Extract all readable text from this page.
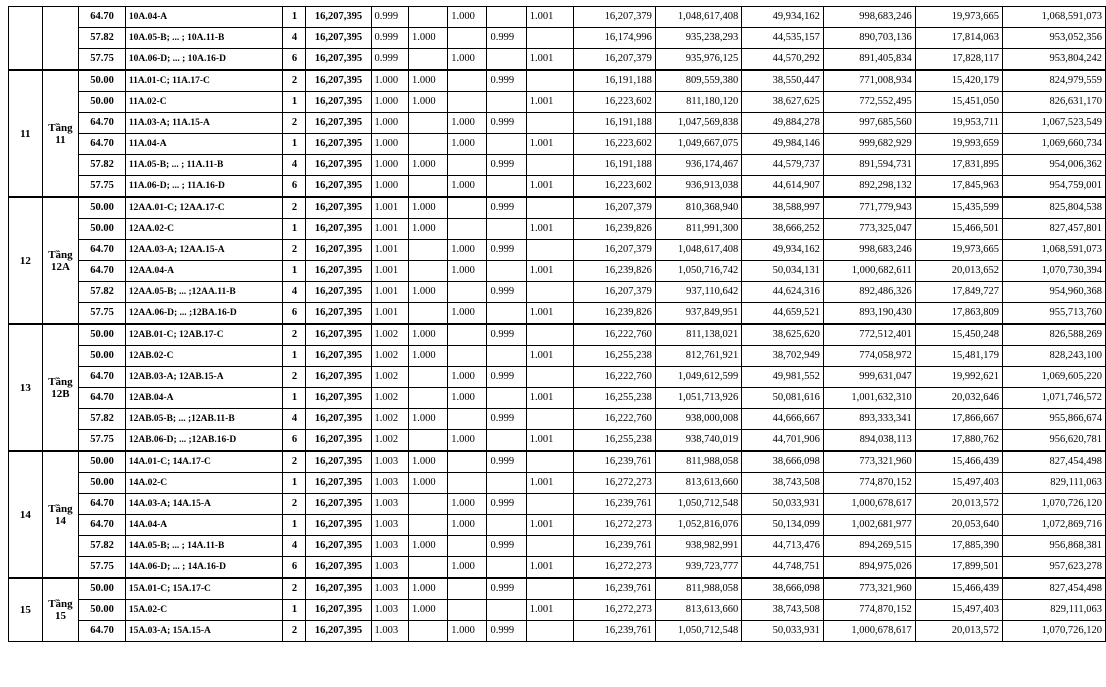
		64.70	10A.04-A	1	16,207,395	0.999		1.000		1.001	16,207,379	1,048,617,408	49,934,162	998,683,246	19,973,665	1,068,591,073
		57.82	10A.05-B; ... ; 10A.11-B	4	16,207,395	0.999	1.000		0.999		16,174,996	935,238,293	44,535,157	890,703,136	17,814,063	953,052,356
		57.75	10A.06-D; ... ; 10A.16-D	6	16,207,395	0.999		1.000		1.001	16,207,379	935,976,125	44,570,292	891,405,834	17,828,117	953,804,242
11	Tầng 11	50.00	11A.01-C; 11A.17-C	2	16,207,395	1.000	1.000		0.999		16,191,188	809,559,380	38,550,447	771,008,934	15,420,179	824,979,559
		50.00	11A.02-C	1	16,207,395	1.000	1.000			1.001	16,223,602	811,180,120	38,627,625	772,552,495	15,451,050	826,631,170
		64.70	11A.03-A; 11A.15-A	2	16,207,395	1.000		1.000	0.999		16,191,188	1,047,569,838	49,884,278	997,685,560	19,953,711	1,067,523,549
		64.70	11A.04-A	1	16,207,395	1.000		1.000		1.001	16,223,602	1,049,667,075	49,984,146	999,682,929	19,993,659	1,069,660,734
		57.82	11A.05-B; ... ; 11A.11-B	4	16,207,395	1.000	1.000		0.999		16,191,188	936,174,467	44,579,737	891,594,731	17,831,895	954,006,362
		57.75	11A.06-D; ... ; 11A.16-D	6	16,207,395	1.000		1.000		1.001	16,223,602	936,913,038	44,614,907	892,298,132	17,845,963	954,759,001
12	Tầng 12A	50.00	12AA.01-C; 12AA.17-C	2	16,207,395	1.001	1.000		0.999		16,207,379	810,368,940	38,588,997	771,779,943	15,435,599	825,804,538
		50.00	12AA.02-C	1	16,207,395	1.001	1.000			1.001	16,239,826	811,991,300	38,666,252	773,325,047	15,466,501	827,457,801
		64.70	12AA.03-A; 12AA.15-A	2	16,207,395	1.001		1.000	0.999		16,207,379	1,048,617,408	49,934,162	998,683,246	19,973,665	1,068,591,073
		64.70	12AA.04-A	1	16,207,395	1.001		1.000		1.001	16,239,826	1,050,716,742	50,034,131	1,000,682,611	20,013,652	1,070,730,394
		57.82	12AA.05-B; ... ;12AA.11-B	4	16,207,395	1.001	1.000		0.999		16,207,379	937,110,642	44,624,316	892,486,326	17,849,727	954,960,368
		57.75	12AA.06-D; ... ;12BA.16-D	6	16,207,395	1.001		1.000		1.001	16,239,826	937,849,951	44,659,521	893,190,430	17,863,809	955,713,760
13	Tầng 12B	50.00	12AB.01-C; 12AB.17-C	2	16,207,395	1.002	1.000		0.999		16,222,760	811,138,021	38,625,620	772,512,401	15,450,248	826,588,269
		50.00	12AB.02-C	1	16,207,395	1.002	1.000			1.001	16,255,238	812,761,921	38,702,949	774,058,972	15,481,179	828,243,100
		64.70	12AB.03-A; 12AB.15-A	2	16,207,395	1.002		1.000	0.999		16,222,760	1,049,612,599	49,981,552	999,631,047	19,992,621	1,069,605,220
		64.70	12AB.04-A	1	16,207,395	1.002		1.000		1.001	16,255,238	1,051,713,926	50,081,616	1,001,632,310	20,032,646	1,071,746,572
		57.82	12AB.05-B; ... ;12AB.11-B	4	16,207,395	1.002	1.000		0.999		16,222,760	938,000,008	44,666,667	893,333,341	17,866,667	955,866,674
		57.75	12AB.06-D; ... ;12AB.16-D	6	16,207,395	1.002		1.000		1.001	16,255,238	938,740,019	44,701,906	894,038,113	17,880,762	956,620,781
14	Tầng 14	50.00	14A.01-C; 14A.17-C	2	16,207,395	1.003	1.000		0.999		16,239,761	811,988,058	38,666,098	773,321,960	15,466,439	827,454,498
		50.00	14A.02-C	1	16,207,395	1.003	1.000			1.001	16,272,273	813,613,660	38,743,508	774,870,152	15,497,403	829,111,063
		64.70	14A.03-A; 14A.15-A	2	16,207,395	1.003		1.000	0.999		16,239,761	1,050,712,548	50,033,931	1,000,678,617	20,013,572	1,070,726,120
		64.70	14A.04-A	1	16,207,395	1.003		1.000		1.001	16,272,273	1,052,816,076	50,134,099	1,002,681,977	20,053,640	1,072,869,716
		57.82	14A.05-B; ... ; 14A.11-B	4	16,207,395	1.003	1.000		0.999		16,239,761	938,982,991	44,713,476	894,269,515	17,885,390	956,868,381
		57.75	14A.06-D; ... ; 14A.16-D	6	16,207,395	1.003		1.000		1.001	16,272,273	939,723,777	44,748,751	894,975,026	17,899,501	957,623,278
15	Tầng 15	50.00	15A.01-C; 15A.17-C	2	16,207,395	1.003	1.000		0.999		16,239,761	811,988,058	38,666,098	773,321,960	15,466,439	827,454,498
		50.00	15A.02-C	1	16,207,395	1.003	1.000			1.001	16,272,273	813,613,660	38,743,508	774,870,152	15,497,403	829,111,063
		64.70	15A.03-A; 15A.15-A	2	16,207,395	1.003		1.000	0.999		16,239,761	1,050,712,548	50,033,931	1,000,678,617	20,013,572	1,070,726,120
